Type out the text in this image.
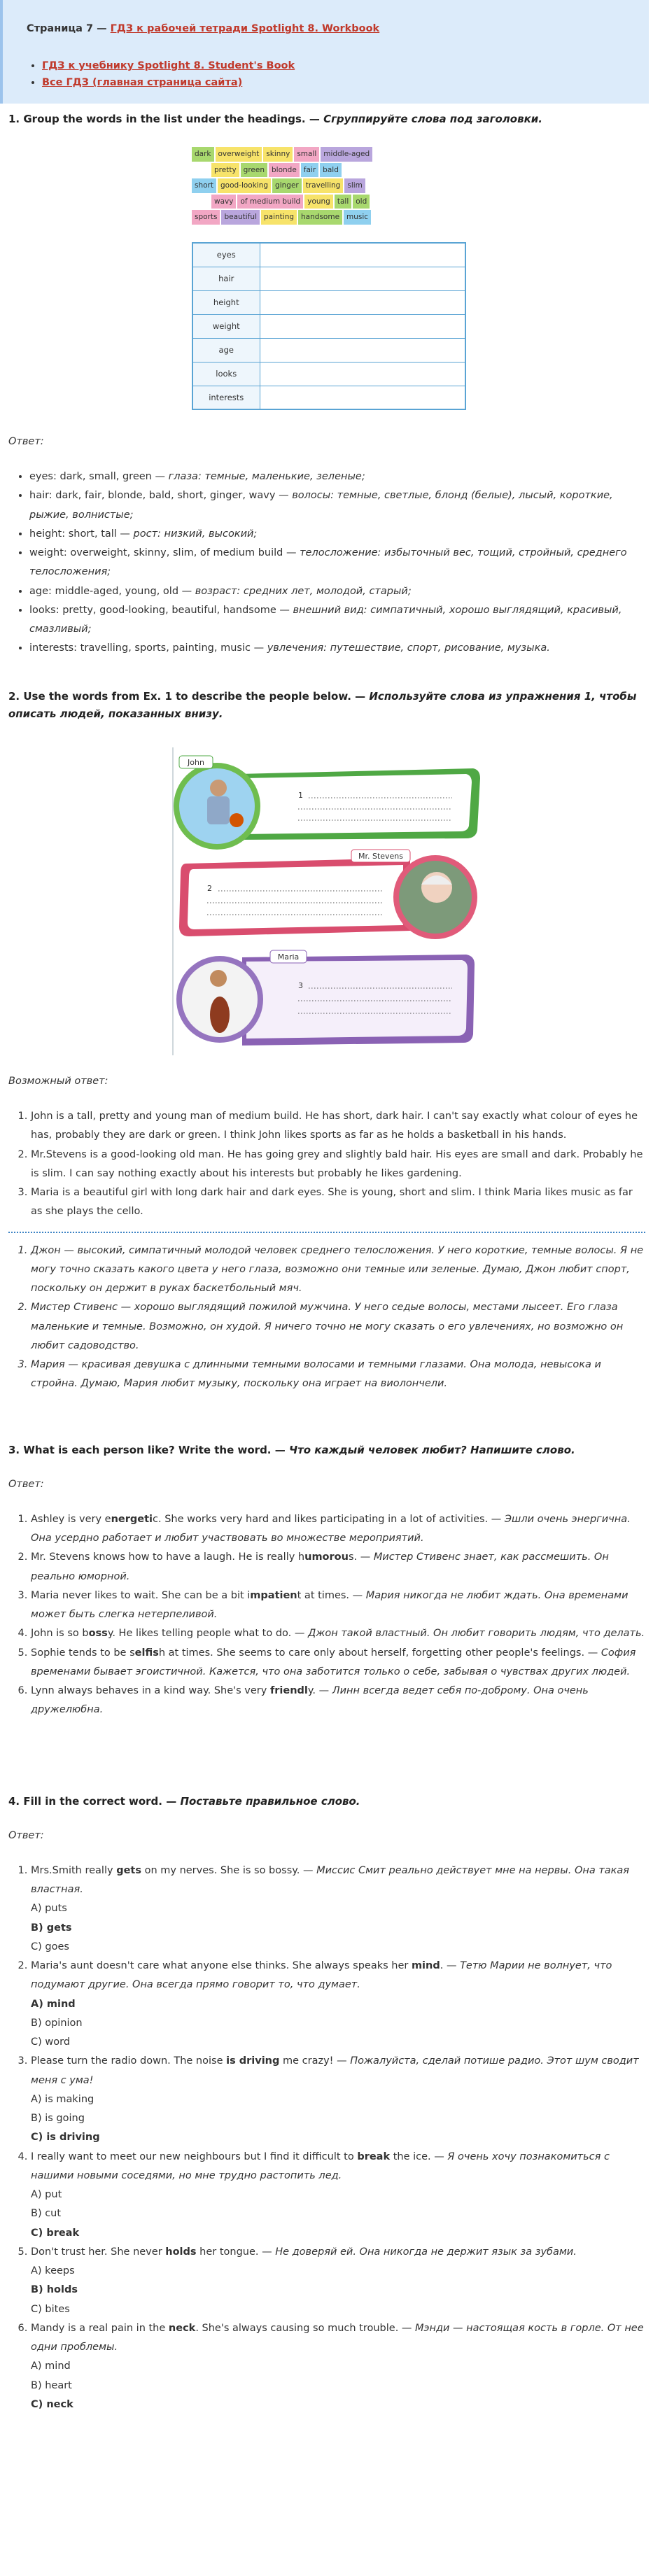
Страница 7 — ГДЗ к рабочей тетради Spotlight 8. Workbook
• ГДЗ к учебнику Spotlight 8. Student's Book
• Все ГДЗ (главная страница сайта)
1. Group the words in the list under the headings. — Сгруппируйте слова под заголовки.
dark overweight skinny small middle-aged
pretty green blonde fair bald
short good-looking ginger travelling slim
wavy of medium build young tall old
sports beautiful painting handsome music
eyes	
hair	
height	
weight	
age	
looks	
interests	

Ответ:

• eyes: dark, small, green — глаза: темные, маленькие, зеленые;
• hair: dark, fair, blonde, bald, short, ginger, wavy — волосы: темные, светлые, блонд (белые), лысый, короткие, рыжие, волнистые;
• height: short, tall — рост: низкий, высокий;
• weight: overweight, skinny, slim, of medium build — телосложение: избыточный вес, тощий, стройный, среднего телосложения;
• age: middle-aged, young, old — возраст: средних лет, молодой, старый;
• looks: pretty, good-looking, beautiful, handsome — внешний вид: симпатичный, хорошо выглядящий, красивый, смазливый;
• interests: travelling, sports, painting, music — увлечения: путешествие, спорт, рисование, музыка.
2. Use the words from Ex. 1 to describe the people below. — Используйте слова из упражнения 1, чтобы описать людей, показанных внизу.
John
1
Mr. Stevens
2
Maria
3

Возможный ответ:

1. John is a tall, pretty and young man of medium build. He has short, dark hair. I can't say exactly what colour of eyes he has, probably they are dark or green. I think John likes sports as far as he holds a basketball in his hands.
2. Mr.Stevens is a good-looking old man. He has going grey and slightly bald hair. His eyes are small and dark. Probably he is slim. I can say nothing exactly about his interests but probably he likes gardening.
3. Maria is a beautiful girl with long dark hair and dark eyes. She is young, short and slim. I think Maria likes music as far as she plays the cello.
1. Джон — высокий, симпатичный молодой человек среднего телосложения. У него короткие, темные волосы. Я не могу точно сказать какого цвета у него глаза, возможно они темные или зеленые. Думаю, Джон любит спорт, поскольку он держит в руках баскетбольный мяч.
2. Мистер Стивенс — хорошо выглядящий пожилой мужчина. У него седые волосы, местами лысеет. Его глаза маленькие и темные. Возможно, он худой. Я ничего точно не могу сказать о его увлечениях, но возможно он любит садоводство.
3. Мария — красивая девушка с длинными темными волосами и темными глазами. Она молода, невысока и стройна. Думаю, Мария любит музыку, поскольку она играет на виолончели.
3. What is each person like? Write the word. — Что каждый человек любит? Напишите слово.

Ответ:

1. Ashley is very energetic. She works very hard and likes participating in a lot of activities. — Эшли очень энергична. Она усердно работает и любит участвовать во множестве мероприятий.
2. Mr. Stevens knows how to have a laugh. He is really humorous. — Мистер Стивенс знает, как рассмешить. Он реально юморной.
3. Maria never likes to wait. She can be a bit impatient at times. — Мария никогда не любит ждать. Она временами может быть слегка нетерпеливой.
4. John is so bossy. He likes telling people what to do. — Джон такой властный. Он любит говорить людям, что делать.
5. Sophie tends to be selfish at times. She seems to care only about herself, forgetting other people's feelings. — София временами бывает эгоистичной. Кажется, что она заботится только о себе, забывая о чувствах других людей.
6. Lynn always behaves in a kind way. She's very friendly. — Линн всегда ведет себя по-доброму. Она очень дружелюбна.
4. Fill in the correct word. — Поставьте правильное слово.

Ответ:

1. Mrs.Smith really gets on my nerves. She is so bossy. — Миссис Смит реально действует мне на нервы. Она такая властная.
A) puts
B) gets
C) goes
2. Maria's aunt doesn't care what anyone else thinks. She always speaks her mind. — Тетю Марии не волнует, что подумают другие. Она всегда прямо говорит то, что думает.
A) mind
B) opinion
C) word
3. Please turn the radio down. The noise is driving me crazy! — Пожалуйста, сделай потише радио. Этот шум сводит меня с ума!
A) is making
B) is going
C) is driving
4. I really want to meet our new neighbours but I find it difficult to break the ice. — Я очень хочу познакомиться с нашими новыми соседями, но мне трудно растопить лед.
A) put
B) cut
C) break
5. Don't trust her. She never holds her tongue. — Не доверяй ей. Она никогда не держит язык за зубами.
A) keeps
B) holds
C) bites
6. Mandy is a real pain in the neck. She's always causing so much trouble. — Мэнди — настоящая кость в горле. От нее одни проблемы.
A) mind
B) heart
C) neck
